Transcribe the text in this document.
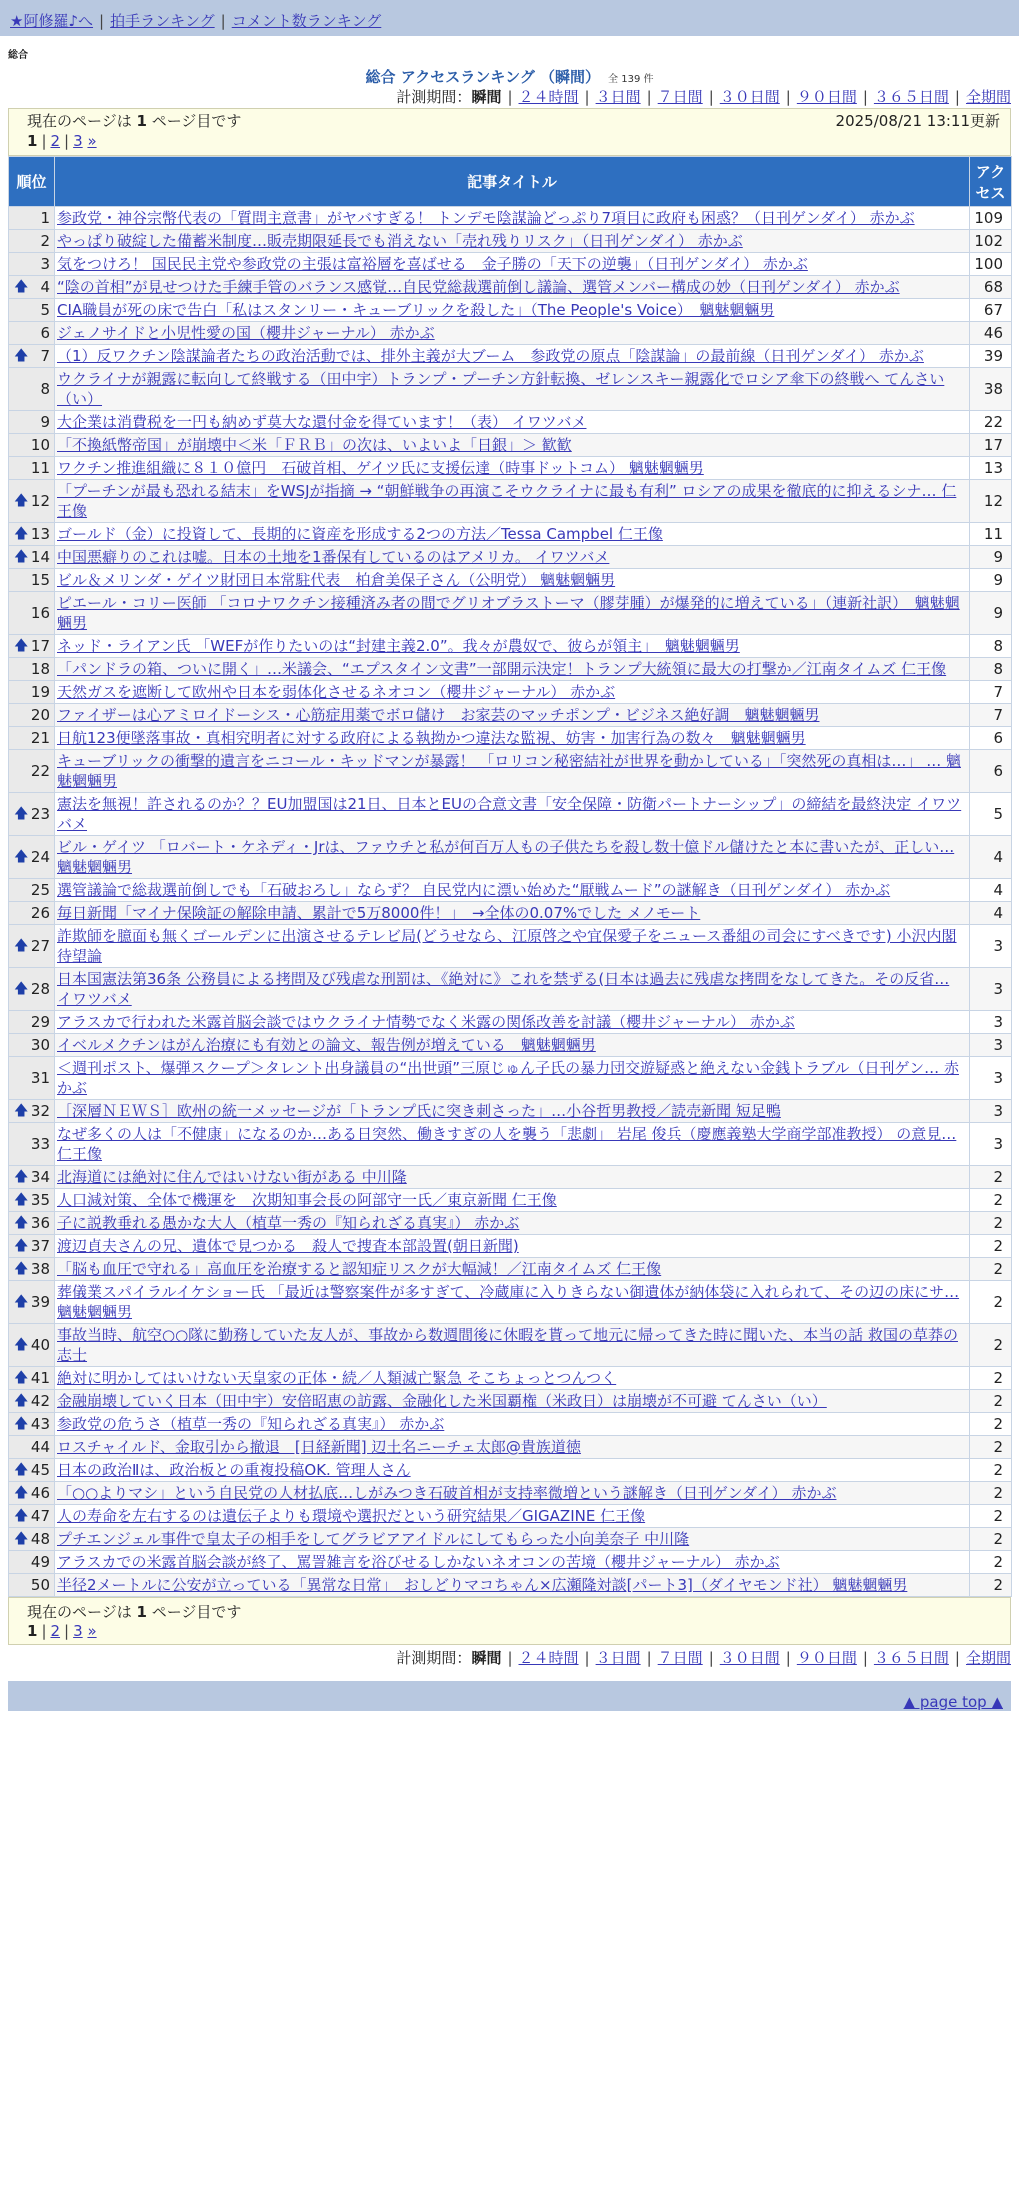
★阿修羅♪へ | 拍手ランキング | コメント数ランキング
総合
総合 アクセスランキング （瞬間） 全 139 件
計測期間：瞬間 | ２４時間 | ３日間 | ７日間 | ３０日間 | ９０日間 | ３６５日間 | 全期間
現在のページは 1 ページ目です	2025/08/21 13:11更新
1 | 2 | 3 »
順位	記事タイトル	アクセス
1	参政党・神谷宗幣代表の「質問主意書」がヤバすぎる！ トンデモ陰謀論どっぷり7項目に政府も困惑？（日刊ゲンダイ） 赤かぶ	109
2	やっぱり破綻した備蓄米制度…販売期限延長でも消えない「売れ残りリスク」（日刊ゲンダイ） 赤かぶ	102
3	気をつけろ！ 国民民主党や参政党の主張は富裕層を喜ばせる　金子勝の「天下の逆襲」（日刊ゲンダイ） 赤かぶ	100

🡅 4	“陰の首相”が見せつけた手練手管のバランス感覚…自民党総裁選前倒し議論、選管メンバー構成の妙（日刊ゲンダイ） 赤かぶ	68
5	CIA職員が死の床で告白「私はスタンリー・キューブリックを殺した」（The People's Voice）　魑魅魍魎男	67
6	ジェノサイドと小児性愛の国（櫻井ジャーナル） 赤かぶ	46

🡅 7	（1）反ワクチン陰謀論者たちの政治活動では、排外主義が大ブーム　参政党の原点「陰謀論」の最前線（日刊ゲンダイ） 赤かぶ	39
8	ウクライナが親露に転向して終戦する（田中宇）トランプ・プーチン方針転換、ゼレンスキー親露化でロシア傘下の終戦へ てんさい（い）	38
9	大企業は消費税を一円も納めず莫大な還付金を得ています！（表） イワツバメ	22
10	「不換紙幣帝国」が崩壊中＜米「ＦＲＢ」の次は、いよいよ「日銀」＞ 歓歓	17
11	ワクチン推進組織に８１０億円　石破首相、ゲイツ氏に支援伝達（時事ドットコム） 魑魅魍魎男	13

🡅 12	「プーチンが最も恐れる結末」をWSJが指摘 → “朝鮮戦争の再演こそウクライナに最も有利” ロシアの成果を徹底的に抑えるシナ… 仁王像	12

🡅 13	ゴールド（金）に投資して、長期的に資産を形成する2つの方法／Tessa Campbel 仁王像	11

🡅 14	中国悪癖りのこれは嘘。日本の土地を1番保有しているのはアメリカ。 イワツバメ	9
15	ビル＆メリンダ・ゲイツ財団日本常駐代表　柏倉美保子さん（公明党） 魑魅魍魎男	9
16	ピエール・コリー医師 「コロナワクチン接種済み者の間でグリオブラストーマ（膠芽腫）が爆発的に増えている」（連新社訳）　魑魅魍魎男	9

🡅 17	ネッド・ライアン氏 「WEFが作りたいのは“封建主義2.0”。我々が農奴で、彼らが領主」　魑魅魍魎男	8
18	「パンドラの箱、ついに開く」…米議会、“エプスタイン文書”一部開示決定！トランプ大統領に最大の打撃か／江南タイムズ 仁王像	8
19	天然ガスを遮断して欧州や日本を弱体化させるネオコン（櫻井ジャーナル） 赤かぶ	7
20	ファイザーは心アミロイドーシス・心筋症用薬でボロ儲け　お家芸のマッチポンプ・ビジネス絶好調　魑魅魍魎男	7
21	日航123便墜落事故・真相究明者に対する政府による執拗かつ違法な監視、妨害・加害行為の数々　魑魅魍魎男	6
22	キューブリックの衝撃的遺言をニコール・キッドマンが暴露！ 「ロリコン秘密結社が世界を動かしている」「突然死の真相は…」 … 魑魅魍魎男	6

🡅 23	憲法を無視！許されるのか？？EU加盟国は21日、日本とEUの合意文書「安全保障・防衛パートナーシップ」の締結を最終決定 イワツバメ	5

🡅 24	ビル・ゲイツ 「ロバート・ケネディ・Jrは、ファウチと私が何百万人もの子供たちを殺し数十億ドル儲けたと本に書いたが、正しい… 魑魅魍魎男	4
25	選管議論で総裁選前倒しでも「石破おろし」ならず？ 自民党内に漂い始めた“厭戦ムード”の謎解き（日刊ゲンダイ） 赤かぶ	4
26	毎日新聞「マイナ保険証の解除申請、累計で5万8000件！」　→全体の0.07%でした メノモート	4

🡅 27	詐欺師を臆面も無くゴールデンに出演させるテレビ局(どうせなら、江原啓之や宜保愛子をニュース番組の司会にすべきです) 小沢内閣待望論	3

🡅 28	日本国憲法第36条 公務員による拷問及び残虐な刑罰は、《絶対に》これを禁ずる(日本は過去に残虐な拷問をなしてきた。その反省… イワツバメ	3
29	アラスカで行われた米露首脳会談ではウクライナ情勢でなく米露の関係改善を討議（櫻井ジャーナル） 赤かぶ	3
30	イベルメクチンはがん治療にも有効との論文、報告例が増えている　魑魅魍魎男	3
31	＜週刊ポスト、爆弾スクープ＞タレント出身議員の“出世頭”三原じゅん子氏の暴力団交遊疑惑と絶えない金銭トラブル（日刊ゲン… 赤かぶ	3

🡅 32	［深層ＮＥＷＳ］欧州の統一メッセージが「トランプ氏に突き刺さった」…小谷哲男教授／読売新聞 短足鴨	3
33	なぜ多くの人は「不健康」になるのか…ある日突然、働きすぎの人を襲う「悲劇」 岩尾 俊兵（慶應義塾大学商学部准教授） の意見… 仁王像	3

🡅 34	北海道には絶対に住んではいけない街がある 中川隆	2

🡅 35	人口減対策、全体で機運を　次期知事会長の阿部守一氏／東京新聞 仁王像	2

🡅 36	子に説教垂れる愚かな大人（植草一秀の『知られざる真実』） 赤かぶ	2

🡅 37	渡辺貞夫さんの兄、遺体で見つかる　殺人で捜査本部設置(朝日新聞)	2

🡅 38	「脳も血圧で守れる」高血圧を治療すると認知症リスクが大幅減！／江南タイムズ 仁王像	2

🡅 39	葬儀業スパイラルイケショー氏 「最近は警察案件が多すぎて、冷蔵庫に入りきらない御遺体が納体袋に入れられて、その辺の床にサ… 魑魅魍魎男	2

🡅 40	事故当時、航空○○隊に勤務していた友人が、事故から数週間後に休暇を貰って地元に帰ってきた時に聞いた、本当の話 救国の草莽の志士	2

🡅 41	絶対に明かしてはいけない天皇家の正体・続／人類滅亡緊急 そこちょっとつんつく	2

🡅 42	金融崩壊していく日本（田中宇）安倍昭恵の訪露、金融化した米国覇権（米政日）は崩壊が不可避 てんさい（い）	2

🡅 43	参政党の危うさ（植草一秀の『知られざる真実』） 赤かぶ	2
44	ロスチャイルド、金取引から撤退　[日経新聞] 辺土名ニーチェ太郎@貴族道徳	2

🡅 45	日本の政治Ⅱは、政治板との重複投稿OK. 管理人さん	2

🡅 46	「○○よりマシ」という自民党の人材払底…しがみつき石破首相が支持率微増という謎解き（日刊ゲンダイ） 赤かぶ	2

🡅 47	人の寿命を左右するのは遺伝子よりも環境や選択だという研究結果／GIGAZINE 仁王像	2

🡅 48	プチエンジェル事件で皇太子の相手をしてグラビアアイドルにしてもらった小向美奈子 中川隆	2
49	アラスカでの米露首脳会談が終了、罵詈雑言を浴びせるしかないネオコンの苦境（櫻井ジャーナル） 赤かぶ	2
50	半径2メートルに公安が立っている「異常な日常」　おしどりマコちゃん×広瀬隆対談[パート3]（ダイヤモンド社） 魑魅魍魎男	2
現在のページは 1 ページ目です
1 | 2 | 3 »
計測期間：瞬間 | ２４時間 | ３日間 | ７日間 | ３０日間 | ９０日間 | ３６５日間 | 全期間
▲ page top ▲
